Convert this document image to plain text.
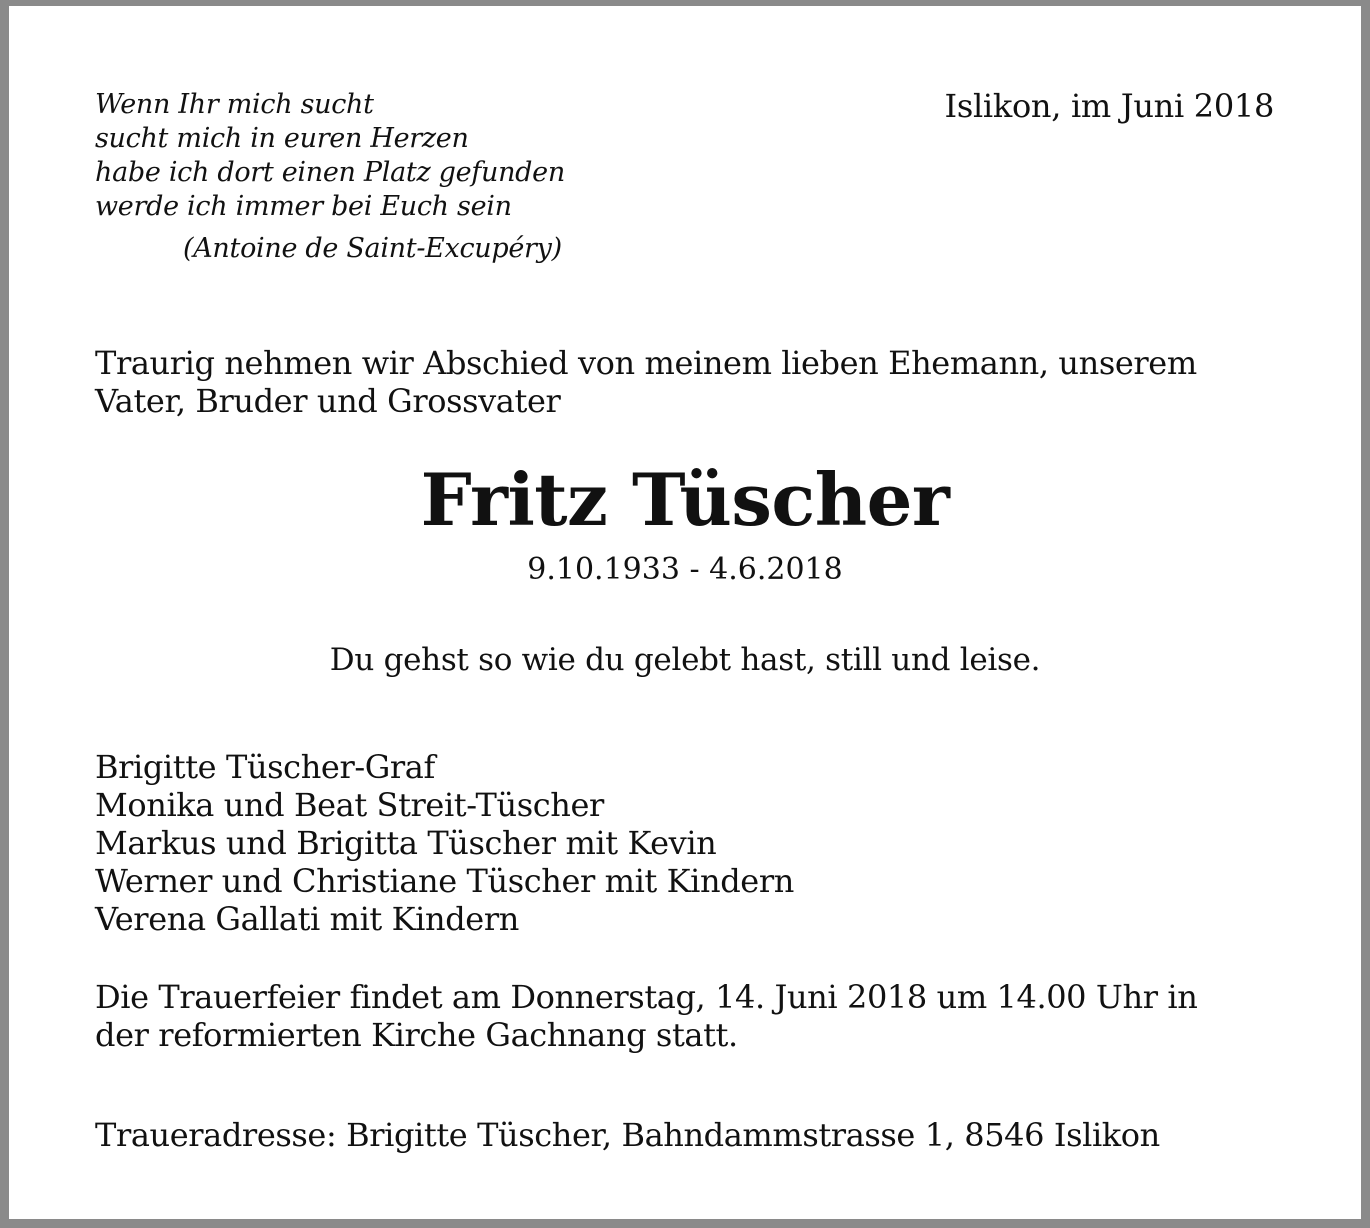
Wenn Ihr mich sucht
sucht mich in euren Herzen
habe ich dort einen Platz gefunden
werde ich immer bei Euch sein
(Antoine de Saint-Excupéry)
Islikon, im Juni 2018
Traurig nehmen wir Abschied von meinem lieben Ehemann, unserem
Vater, Bruder und Grossvater
Fritz Tüscher
9.10.1933 - 4.6.2018
Du gehst so wie du gelebt hast, still und leise.
Brigitte Tüscher-Graf
Monika und Beat Streit-Tüscher
Markus und Brigitta Tüscher mit Kevin
Werner und Christiane Tüscher mit Kindern
Verena Gallati mit Kindern
Die Trauerfeier findet am Donnerstag, 14. Juni 2018 um 14.00 Uhr in
der reformierten Kirche Gachnang statt.
Traueradresse: Brigitte Tüscher, Bahndammstrasse 1, 8546 Islikon
